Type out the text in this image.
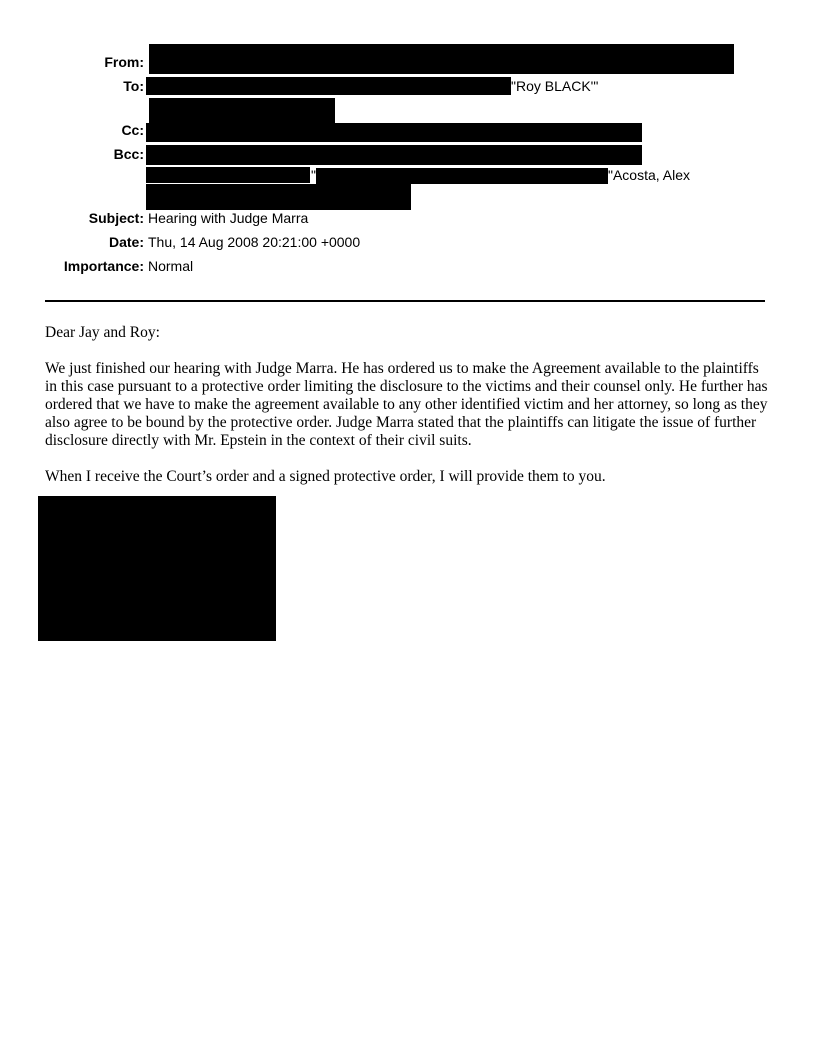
From:
To:	"Roy BLACK'"
Cc:
Bcc:
"	"Acosta, Alex
Subject: Hearing with Judge Marra
Date: Thu, 14 Aug 2008 20:21:00 +0000
Importance: Normal

Dear Jay and Roy:

We just finished our hearing with Judge Marra. He has ordered us to make the Agreement available to the plaintiffs in this case pursuant to a protective order limiting the disclosure to the victims and their counsel only. He further has ordered that we have to make the agreement available to any other identified victim and her attorney, so long as they also agree to be bound by the protective order. Judge Marra stated that the plaintiffs can litigate the issue of further disclosure directly with Mr. Epstein in the context of their civil suits.

When I receive the Court’s order and a signed protective order, I will provide them to you.
